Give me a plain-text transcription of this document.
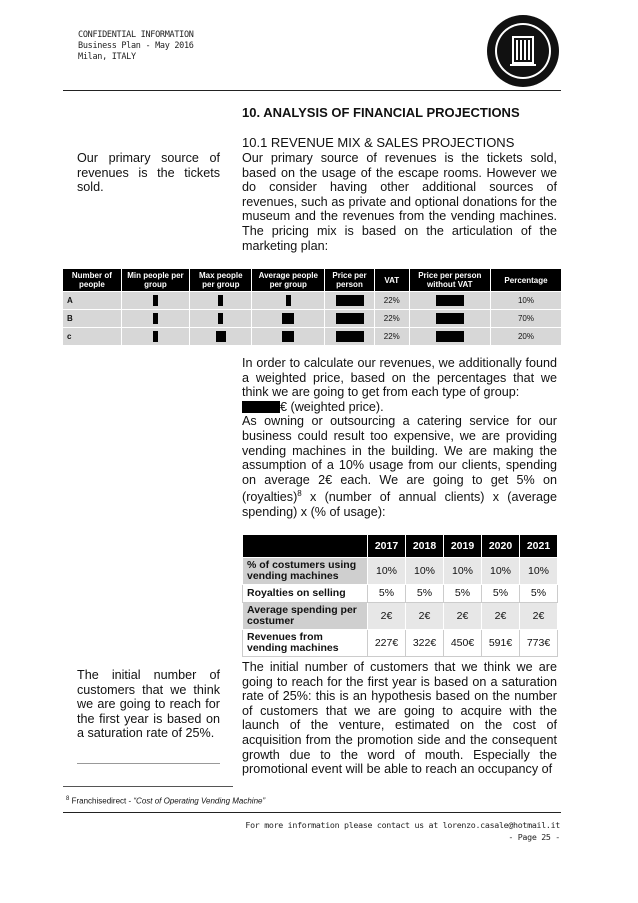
CONFIDENTIAL INFORMATION
Business Plan - May 2016
Milan, ITALY
10. ANALYSIS OF FINANCIAL PROJECTIONS
10.1 REVENUE MIX & SALES PROJECTIONS
Our primary source of revenues is the tickets sold.
Our primary source of revenues is the tickets sold, based on the usage of the escape rooms. However we do consider having other additional sources of revenues, such as private and optional donations for the museum and the revenues from the vending machines. The pricing mix is based on the articulation of the marketing plan:
Number of people	Min people per group	Max people per group	Average people per group	Price per person	VAT	Price per person without VAT	Percentage
A					22%		10%
B					22%		70%
c					22%		20%
In order to calculate our revenues, we additionally found a weighted price, based on the percentages that we think we are going to get from each type of group:
€ (weighted price).
As owning or outsourcing a catering service for our business could result too expensive, we are providing vending machines in the building. We are making the assumption of a 10% usage from our clients, spending on average 2€ each. We are going to get 5% on (royalties)$^8$ x (number of annual clients) x (average spending) x (% of usage):
	2017	2018	2019	2020	2021
% of costumers using vending machines	10%	10%	10%	10%	10%
Royalties on selling	5%	5%	5%	5%	5%
Average spending per costumer	2€	2€	2€	2€	2€
Revenues from vending machines	227€	322€	450€	591€	773€
The initial number of customers that we think we are going to reach for the first year is based on a saturation rate of 25%.
The initial number of customers that we think we are going to reach for the first year is based on a saturation rate of 25%: this is an hypothesis based on the number of customers that we are going to acquire with the launch of the venture, estimated on the cost of acquisition from the promotion side and the consequent growth due to the word of mouth. Especially the promotional event will be able to reach an occupancy of
$^8$ Franchisedirect - “Cost of Operating Vending Machine”
For more information please contact us at lorenzo.casale@hotmail.it
- Page 25 -
